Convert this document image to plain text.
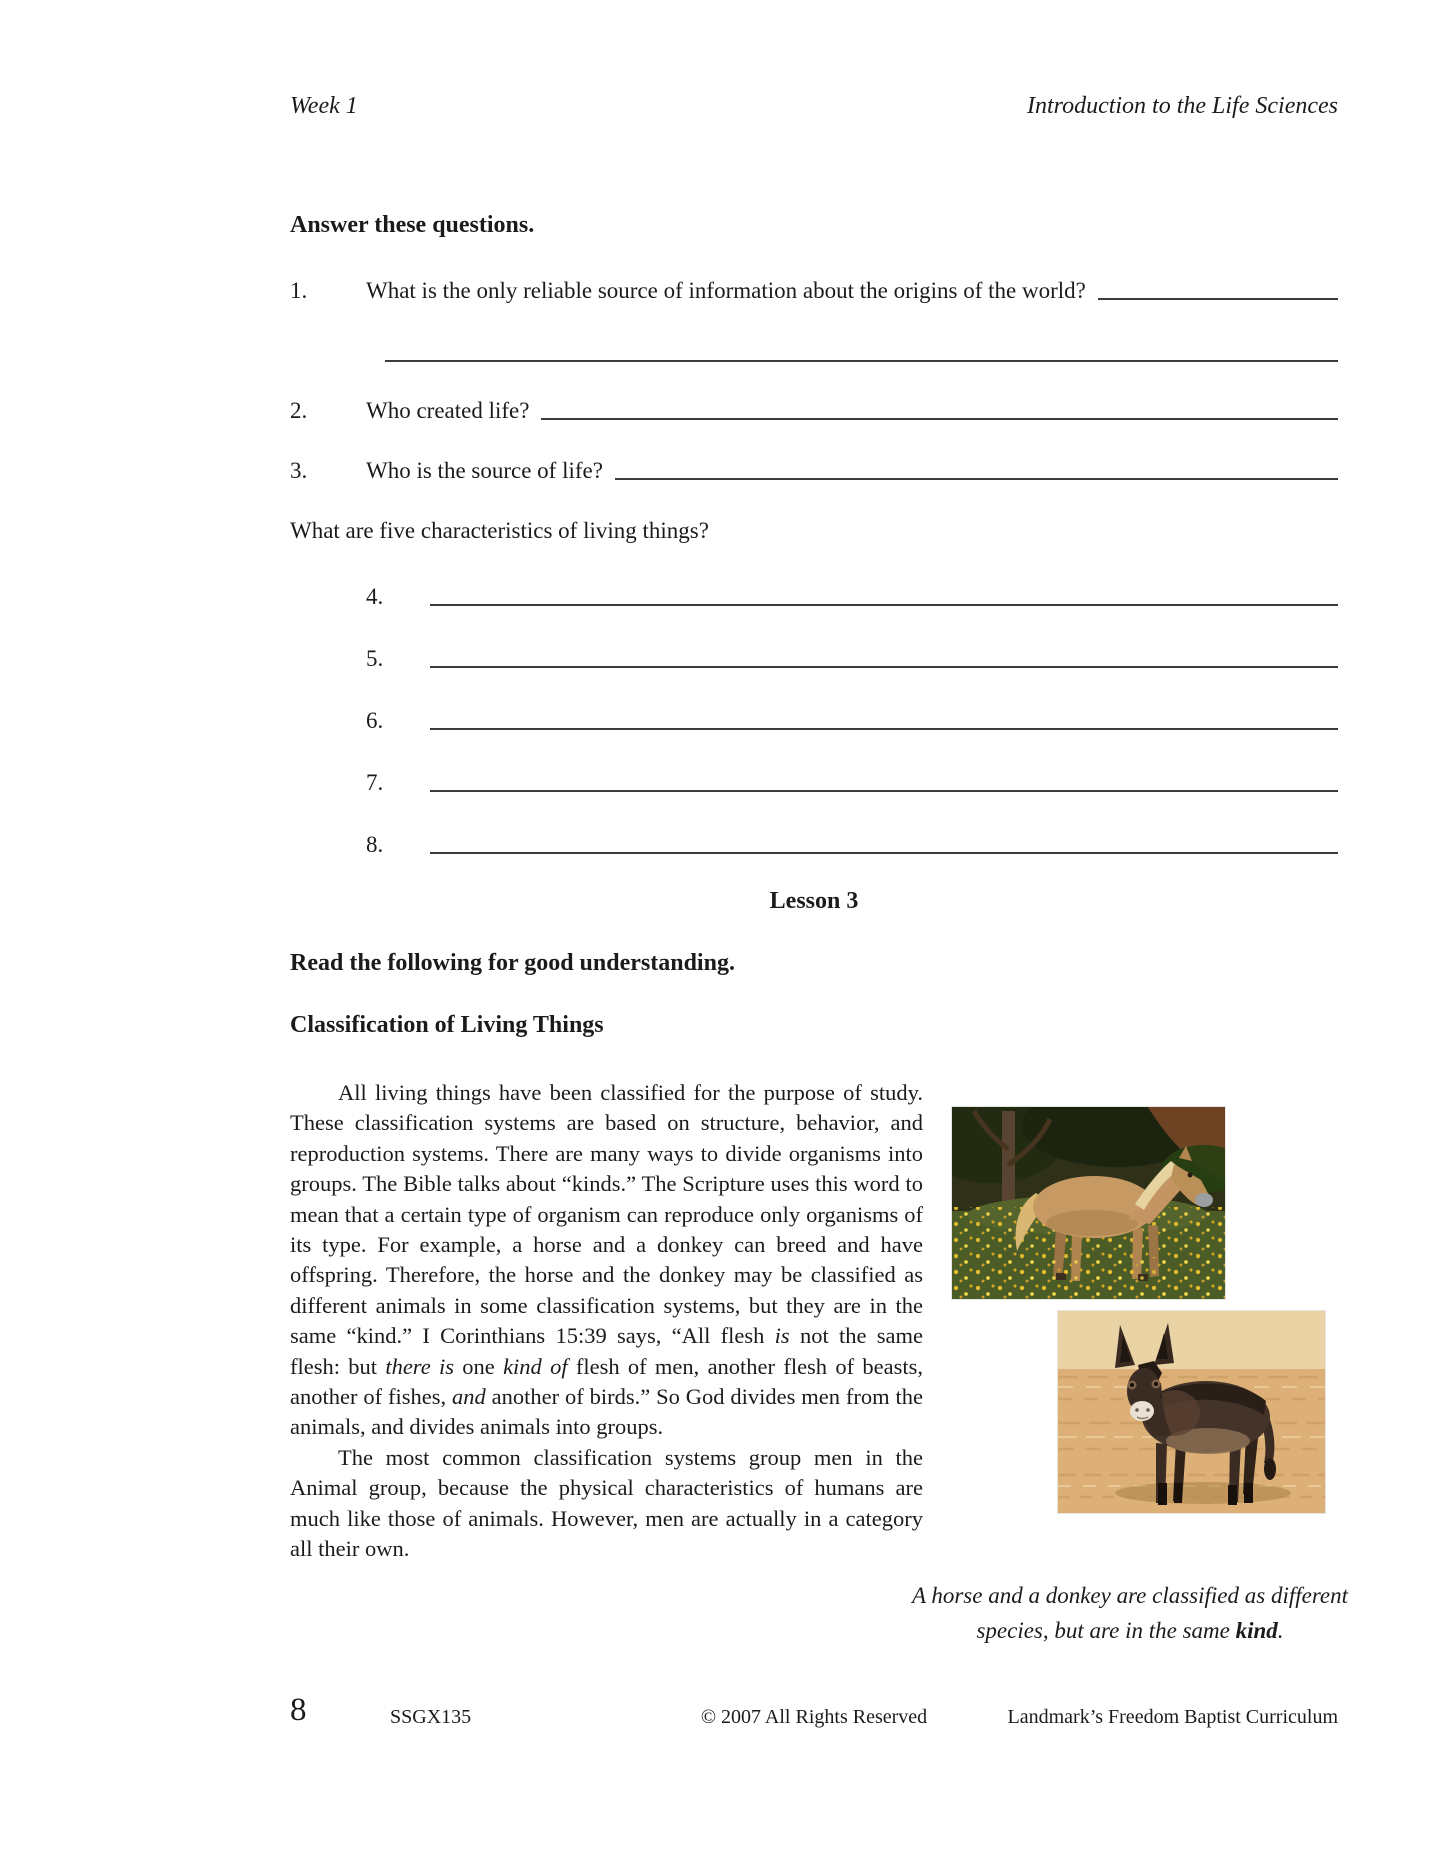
Week 1	Introduction to the Life Sciences
Answer these questions.
1.	What is the only reliable source of information about the origins of the world?
2.	Who created life?
3.	Who is the source of life?
What are five characteristics of living things?
4.
5.
6.
7.
8.
Lesson 3
Read the following for good understanding.
Classification of Living Things

All living things have been classified for the purpose of study. These classification systems are based on structure, behavior, and reproduction systems. There are many ways to divide organisms into groups. The Bible talks about “kinds.” The Scripture uses this word to mean that a certain type of organism can reproduce only organisms of its type. For example, a horse and a donkey can breed and have offspring. Therefore, the horse and the donkey may be classified as different animals in some classification systems, but they are in the same “kind.” I Corinthians 15:39 says, “All flesh is not the same flesh: but there is one kind of flesh of men, another flesh of beasts, another of fishes, and another of birds.” So God divides men from the animals, and divides animals into groups.

The most common classification systems group men in the Animal group, because the physical characteristics of humans are much like those of animals. However, men are actually in a category all their own.

A horse and a donkey are classified as different species, but are in the same kind.
8	SSGX135	© 2007 All Rights Reserved	Landmark’s Freedom Baptist Curriculum
